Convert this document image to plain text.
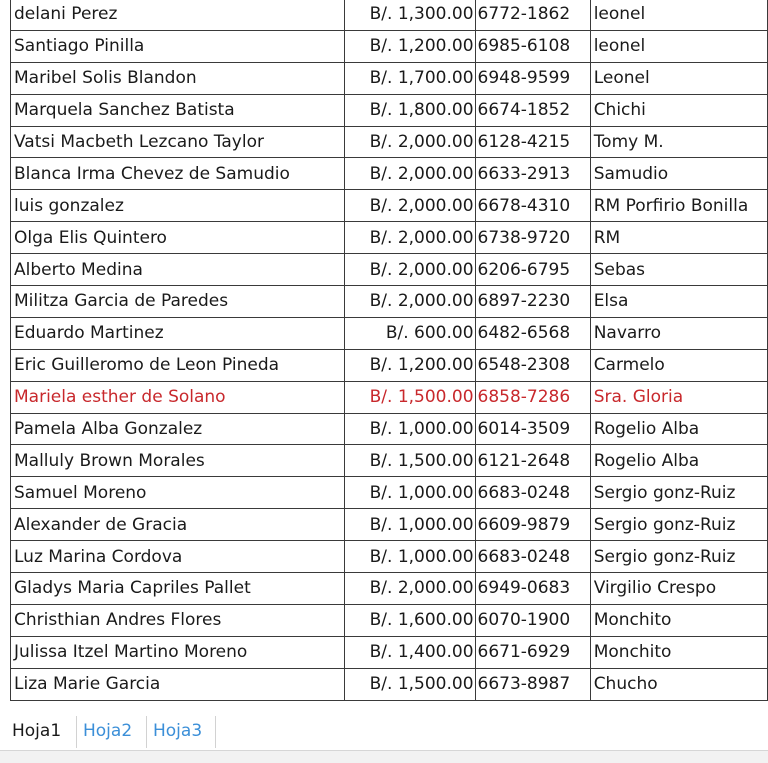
delani Perez	B/. 1,300.00	6772-1862	leonel
Santiago Pinilla	B/. 1,200.00	6985-6108	leonel
Maribel Solis Blandon	B/. 1,700.00	6948-9599	Leonel
Marquela Sanchez Batista	B/. 1,800.00	6674-1852	Chichi
Vatsi Macbeth Lezcano Taylor	B/. 2,000.00	6128-4215	Tomy M.
Blanca Irma Chevez de Samudio	B/. 2,000.00	6633-2913	Samudio
luis gonzalez	B/. 2,000.00	6678-4310	RM Porfirio Bonilla
Olga Elis Quintero	B/. 2,000.00	6738-9720	RM
Alberto Medina	B/. 2,000.00	6206-6795	Sebas
Militza Garcia de Paredes	B/. 2,000.00	6897-2230	Elsa
Eduardo Martinez	B/. 600.00	6482-6568	Navarro
Eric Guilleromo de Leon Pineda	B/. 1,200.00	6548-2308	Carmelo
Mariela esther de Solano	B/. 1,500.00	6858-7286	Sra. Gloria
Pamela Alba Gonzalez	B/. 1,000.00	6014-3509	Rogelio Alba
Malluly Brown Morales	B/. 1,500.00	6121-2648	Rogelio Alba
Samuel Moreno	B/. 1,000.00	6683-0248	Sergio gonz-Ruiz
Alexander de Gracia	B/. 1,000.00	6609-9879	Sergio gonz-Ruiz
Luz Marina Cordova	B/. 1,000.00	6683-0248	Sergio gonz-Ruiz
Gladys Maria Capriles Pallet	B/. 2,000.00	6949-0683	Virgilio Crespo
Christhian Andres Flores	B/. 1,600.00	6070-1900	Monchito
Julissa Itzel Martino Moreno	B/. 1,400.00	6671-6929	Monchito
Liza Marie Garcia	B/. 1,500.00	6673-8987	Chucho
Hoja1	Hoja2	Hoja3
